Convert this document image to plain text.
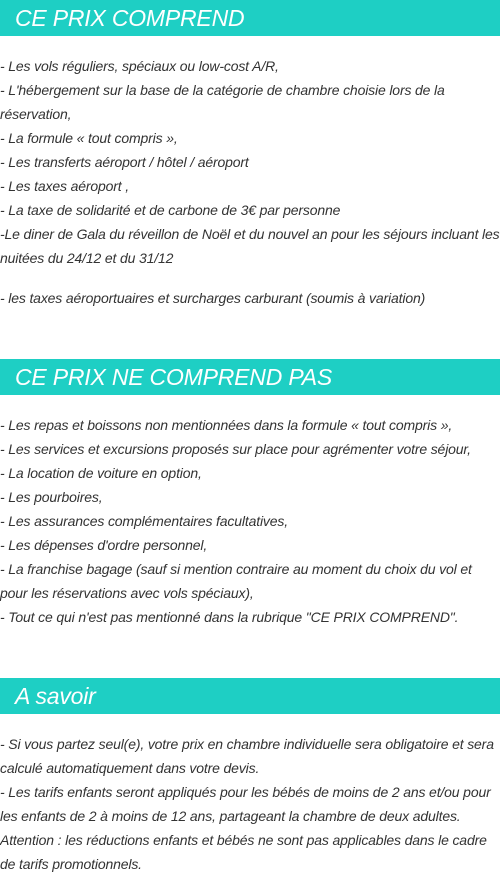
CE PRIX COMPREND
- Les vols réguliers, spéciaux ou low-cost A/R,
- L'hébergement sur la base de la catégorie de chambre choisie lors de la réservation,
- La formule « tout compris »,
- Les transferts aéroport / hôtel / aéroport
- Les taxes aéroport ,
- La taxe de solidarité et de carbone de 3€ par personne
-Le diner de Gala du réveillon de Noël et du nouvel an pour les séjours incluant les nuitées du 24/12 et du 31/12
- les taxes aéroportuaires et surcharges carburant (soumis à variation)
CE PRIX NE COMPREND PAS
- Les repas et boissons non mentionnées dans la formule « tout compris »,
- Les services et excursions proposés sur place pour agrémenter votre séjour,
- La location de voiture en option,
- Les pourboires,
- Les assurances complémentaires facultatives,
- Les dépenses d'ordre personnel,
- La franchise bagage (sauf si mention contraire au moment du choix du vol et pour les réservations avec vols spéciaux),
- Tout ce qui n'est pas mentionné dans la rubrique "CE PRIX COMPREND".
A savoir
- Si vous partez seul(e), votre prix en chambre individuelle sera obligatoire et sera calculé automatiquement dans votre devis.
- Les tarifs enfants seront appliqués pour les bébés de moins de 2 ans et/ou pour les enfants de 2 à moins de 12 ans, partageant la chambre de deux adultes.
Attention : les réductions enfants et bébés ne sont pas applicables dans le cadre de tarifs promotionnels.
